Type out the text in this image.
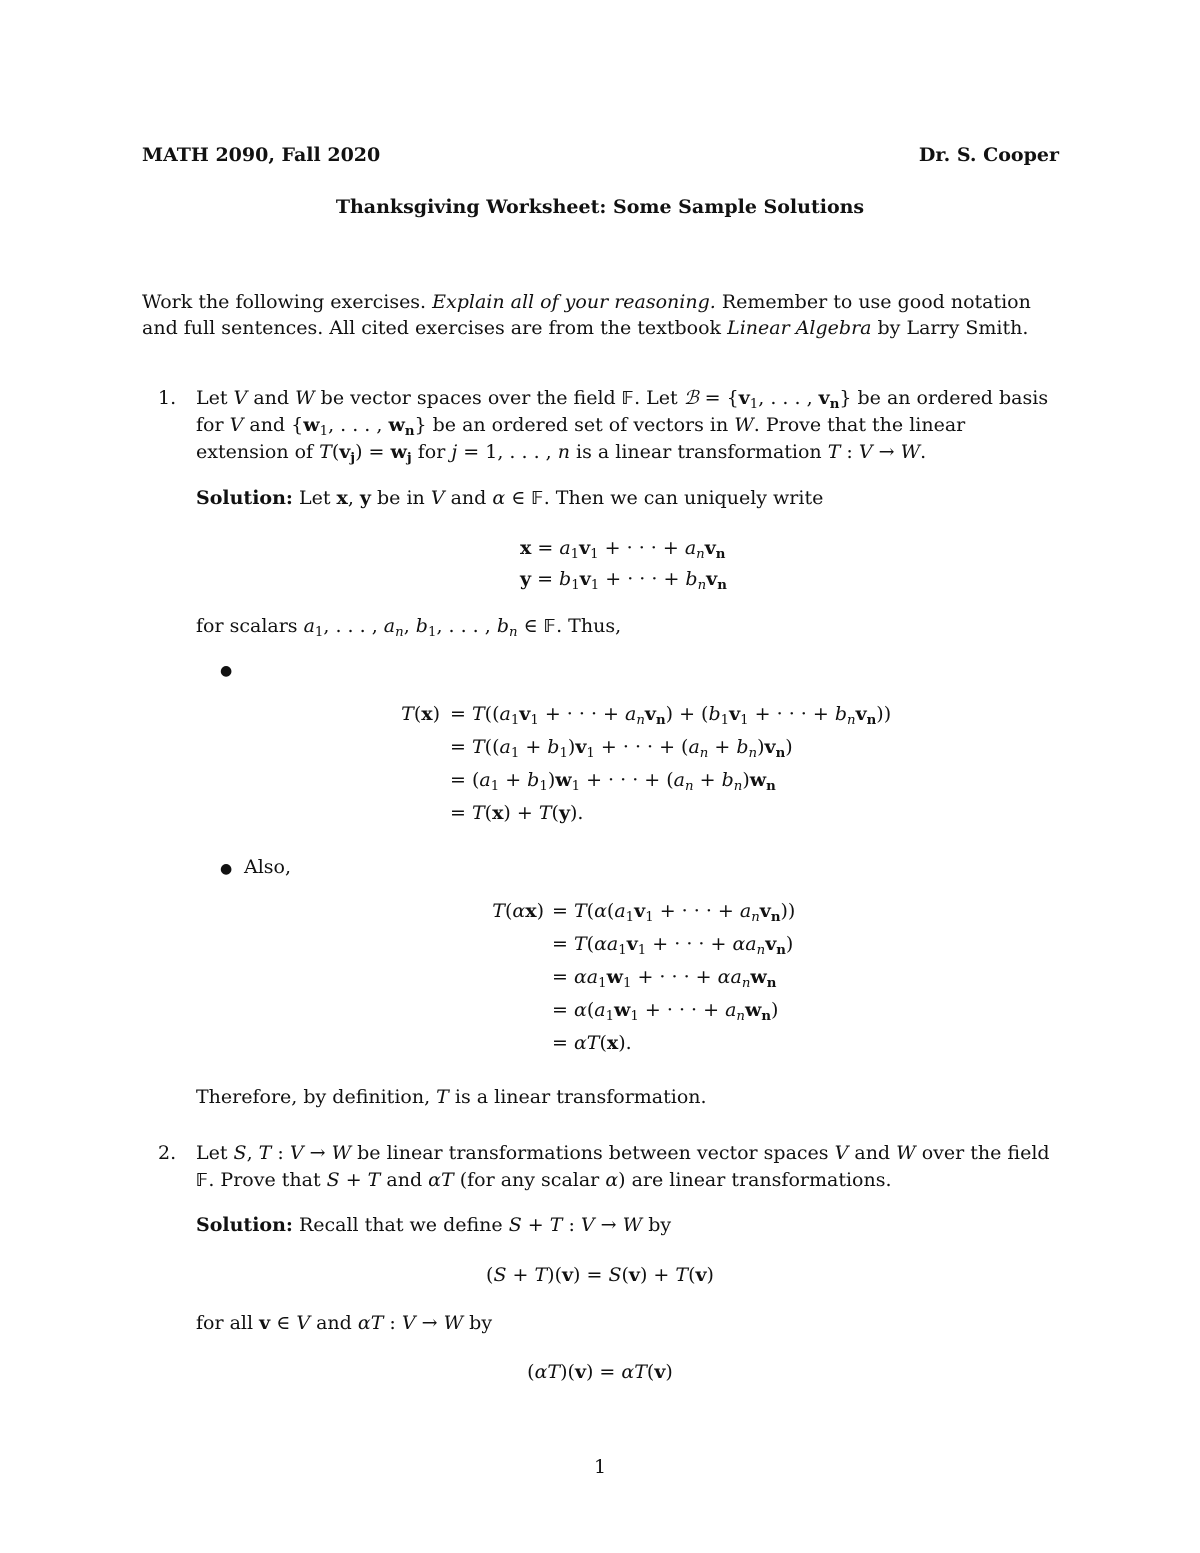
MATH 2090, Fall 2020	Dr. S. Cooper
Thanksgiving Worksheet: Some Sample Solutions
Work the following exercises. Explain all of your reasoning. Remember to use good notation and full sentences. All cited exercises are from the textbook Linear Algebra by Larry Smith.
1. Let V and W be vector spaces over the field 𝔽. Let ℬ = {$v_1$, . . . , $v_n$} be an ordered basis for V and {$w_1$, . . . , $w_n$} be an ordered set of vectors in W. Prove that the linear extension of $T(v_j) = w_j$ for j = 1, . . . , n is a linear transformation T : V → W.
Solution: Let x, y be in V and α ∈ 𝔽. Then we can uniquely write
$x = a_1v_1$ + · · · + $a_nv_n$
$y = b_1v_1$ + · · · + $b_nv_n$
for scalars $a_1$, . . . , $a_n$, $b_1$, . . . , $b_n$ ∈ 𝔽. Thus,
●
$T(x) = T((a_1v_1$ + · · · + $a_nv_n) + (b_1v_1$ + · · · + $b_nv_n$))
= $T((a_1 + b_1)v_1$ + · · · + $(a_n + b_n)v_n$)
= $(a_1 + b_1)w_1$ + · · · + $(a_n + b_n)w_n$
= T(x) + T(y).
● Also,
$T(\alpha x) = T(\alpha(a_1v_1$ + · · · + $a_nv_n$))
= $T(\alpha a_1v_1$ + · · · + $\alpha a_nv_n$)
= $\alpha a_1w_1$ + · · · + $\alpha a_nw_n$
= $\alpha(a_1w_1$ + · · · + $a_nw_n$)
= αT(x).
Therefore, by definition, T is a linear transformation.
2. Let S, T : V → W be linear transformations between vector spaces V and W over the field 𝔽. Prove that S + T and αT (for any scalar α) are linear transformations.
Solution: Recall that we define S + T : V → W by
(S + T)(v) = S(v) + T(v)
for all v ∈ V and αT : V → W by
(αT)(v) = αT(v)
1
